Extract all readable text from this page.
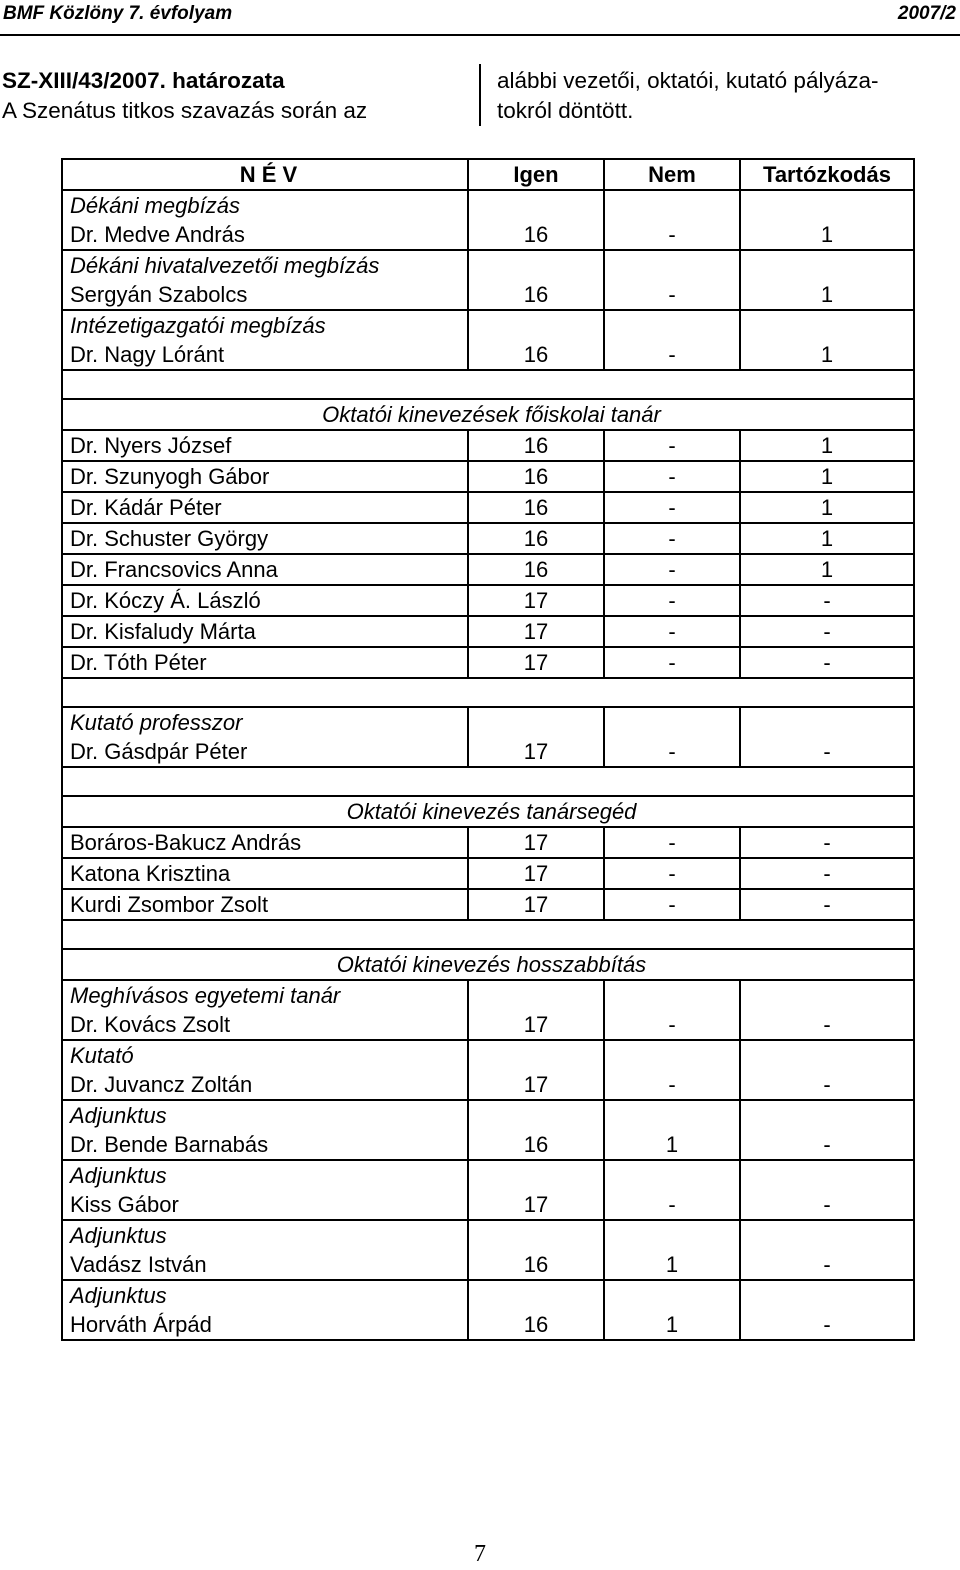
BMF Közlöny 7. évfolyam	2007/2
SZ-XIII/43/2007. határozata
A Szenátus titkos szavazás során az
alábbi vezetői, oktatói, kutató pályáza-
tokról döntött.
N É V	Igen	Nem	Tartózkodás
Dékáni megbízás			
Dr. Medve András	16	-	1
Dékáni hivatalvezetői megbízás			
Sergyán Szabolcs	16	-	1
Intézetigazgatói megbízás			
Dr. Nagy Lóránt	16	-	1

Oktatói kinevezések főiskolai tanár			
Dr. Nyers József	16	-	1
Dr. Szunyogh Gábor	16	-	1
Dr. Kádár Péter	16	-	1
Dr. Schuster György	16	-	1
Dr. Francsovics Anna	16	-	1
Dr. Kóczy Á. László	17	-	-
Dr. Kisfaludy Márta	17	-	-
Dr. Tóth Péter	17	-	-

Kutató professzor			
Dr. Gásdpár Péter	17	-	-

Oktatói kinevezés tanársegéd			
Boráros-Bakucz András	17	-	-
Katona Krisztina	17	-	-
Kurdi Zsombor Zsolt	17	-	-

Oktatói kinevezés hosszabbítás			
Meghívásos egyetemi tanár			
Dr. Kovács Zsolt	17	-	-
Kutató			
Dr. Juvancz Zoltán	17	-	-
Adjunktus			
Dr. Bende Barnabás	16	1	-
Adjunktus			
Kiss Gábor	17	-	-
Adjunktus			
Vadász István	16	1	-
Adjunktus			
Horváth Árpád	16	1	-
7
